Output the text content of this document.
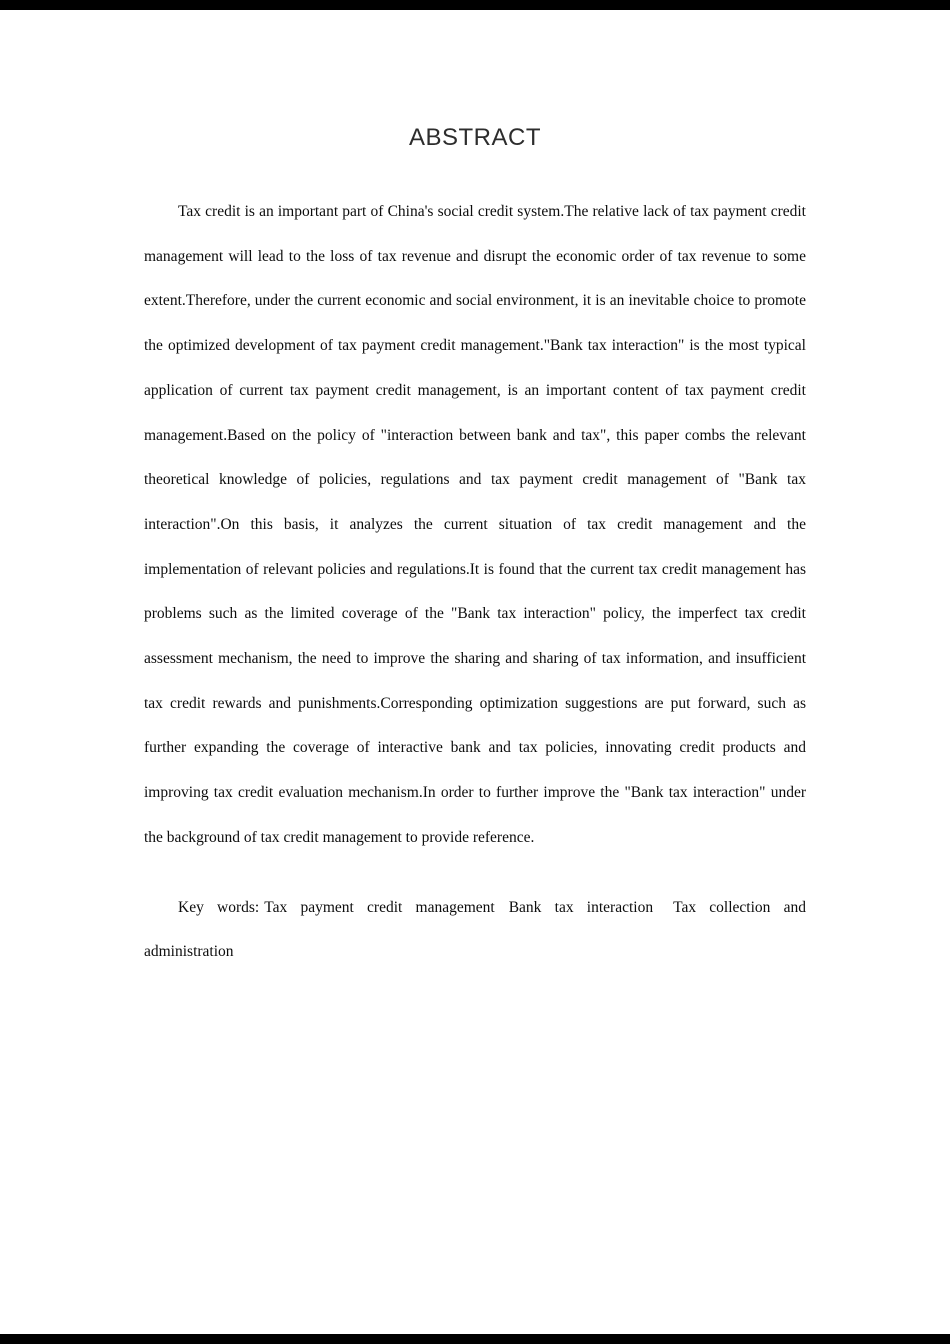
ABSTRACT

Tax credit is an important part of China's social credit system.The relative lack of tax payment credit management will lead to the loss of tax revenue and disrupt the economic order of tax revenue to some extent.Therefore, under the current economic and social environment, it is an inevitable choice to promote the optimized development of tax payment credit management."Bank tax interaction" is the most typical application of current tax payment credit management, is an important content of tax payment credit management.Based on the policy of "interaction between bank and tax", this paper combs the relevant theoretical knowledge of policies, regulations and tax payment credit management of "Bank tax interaction".On this basis, it analyzes the current situation of tax credit management and the implementation of relevant policies and regulations.It is found that the current tax credit management has problems such as the limited coverage of the "Bank tax interaction" policy, the imperfect tax credit assessment mechanism, the need to improve the sharing and sharing of tax information, and insufficient tax credit rewards and punishments.Corresponding optimization suggestions are put forward, such as further expanding the coverage of interactive bank and tax policies, innovating credit products and improving tax credit evaluation mechanism.In order to further improve the "Bank tax interaction" under the background of tax credit management to provide reference.

Key words: Tax payment credit management Bank tax interaction Tax collection and administration
